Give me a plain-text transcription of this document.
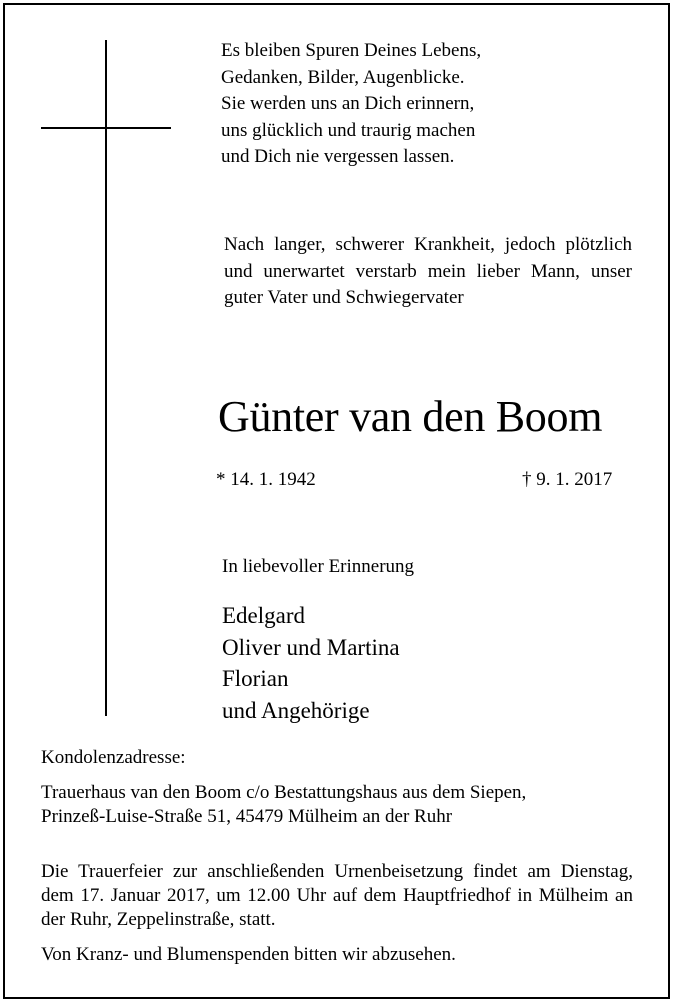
Es bleiben Spuren Deines Lebens,
Gedanken, Bilder, Augenblicke.
Sie werden uns an Dich erinnern,
uns glücklich und traurig machen
und Dich nie vergessen lassen.
Nach langer, schwerer Krankheit, jedoch plötzlich und unerwartet verstarb mein lieber Mann, unser guter Vater und Schwiegervater
Günter van den Boom
* 14. 1. 1942	† 9. 1. 2017
In liebevoller Erinnerung
Edelgard
Oliver und Martina
Florian
und Angehörige
Kondolenzadresse:
Trauerhaus van den Boom c/o Bestattungshaus aus dem Siepen,
Prinzeß-Luise-Straße 51, 45479 Mülheim an der Ruhr
Die Trauerfeier zur anschließenden Urnenbeisetzung findet am Dienstag, dem 17. Januar 2017, um 12.00 Uhr auf dem Hauptfriedhof in Mülheim an der Ruhr, Zeppelinstraße, statt.
Von Kranz- und Blumenspenden bitten wir abzusehen.
